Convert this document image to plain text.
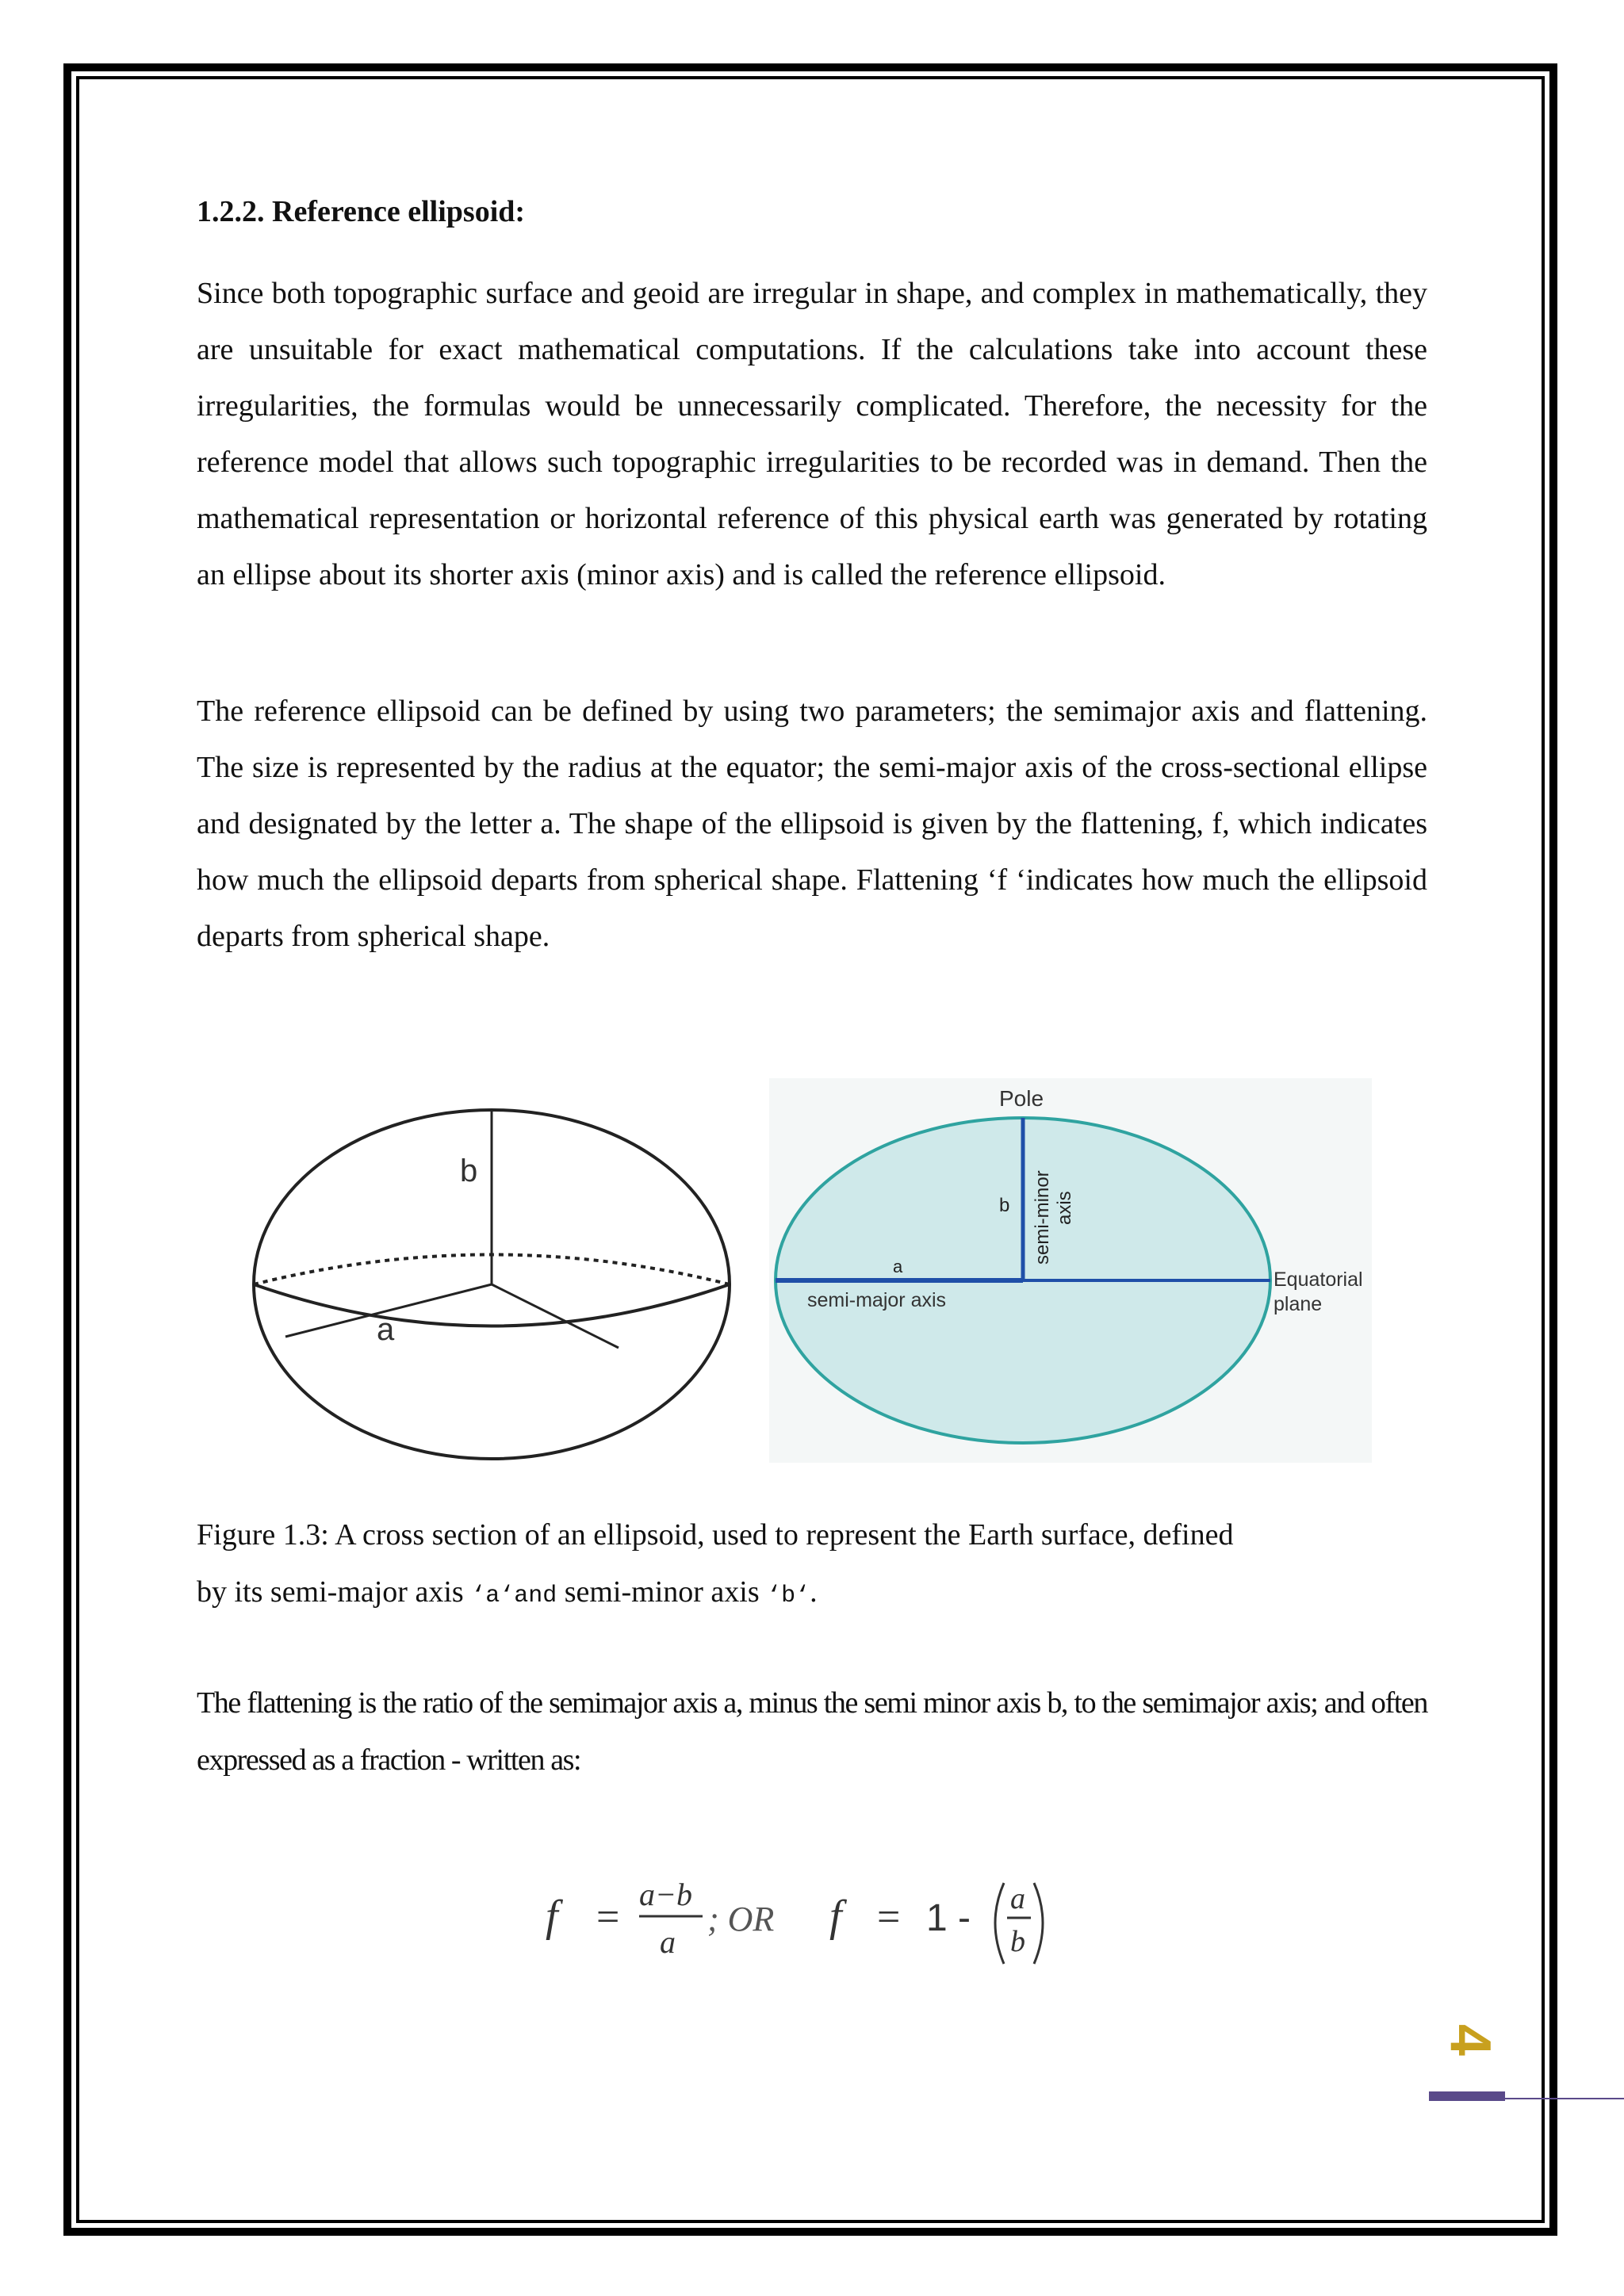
1.2.2. Reference ellipsoid:

Since both topographic surface and geoid are irregular in shape, and complex in mathematically, they are unsuitable for exact mathematical computations. If the calculations take into account these irregularities, the formulas would be unnecessarily complicated. Therefore, the necessity for the reference model that allows such topographic irregularities to be recorded was in demand. Then the mathematical representation or horizontal reference of this physical earth was generated by rotating an ellipse about its shorter axis (minor axis) and is called the reference ellipsoid.

The reference ellipsoid can be defined by using two parameters; the semimajor axis and flattening. The size is represented by the radius at the equator; the semi-major axis of the cross-sectional ellipse and designated by the letter a. The shape of the ellipsoid is given by the flattening, f, which indicates how much the ellipsoid departs from spherical shape. Flattening ‘f ‘indicates how much the ellipsoid departs from spherical shape.

b
a
Pole
b semi-minor axis
a
semi-major axis
Equatorial
plane
Figure 1.3: A cross section of an ellipsoid, used to represent the Earth surface, defined
by its semi-major axis ‘a‘and semi-minor axis ‘b‘.

The flattening is the ratio of the semimajor axis a, minus the semi minor axis b, to the semimajor axis; and often expressed as a fraction - written as:

f =
a−b
a
; OR f = 1 - a
b
4
